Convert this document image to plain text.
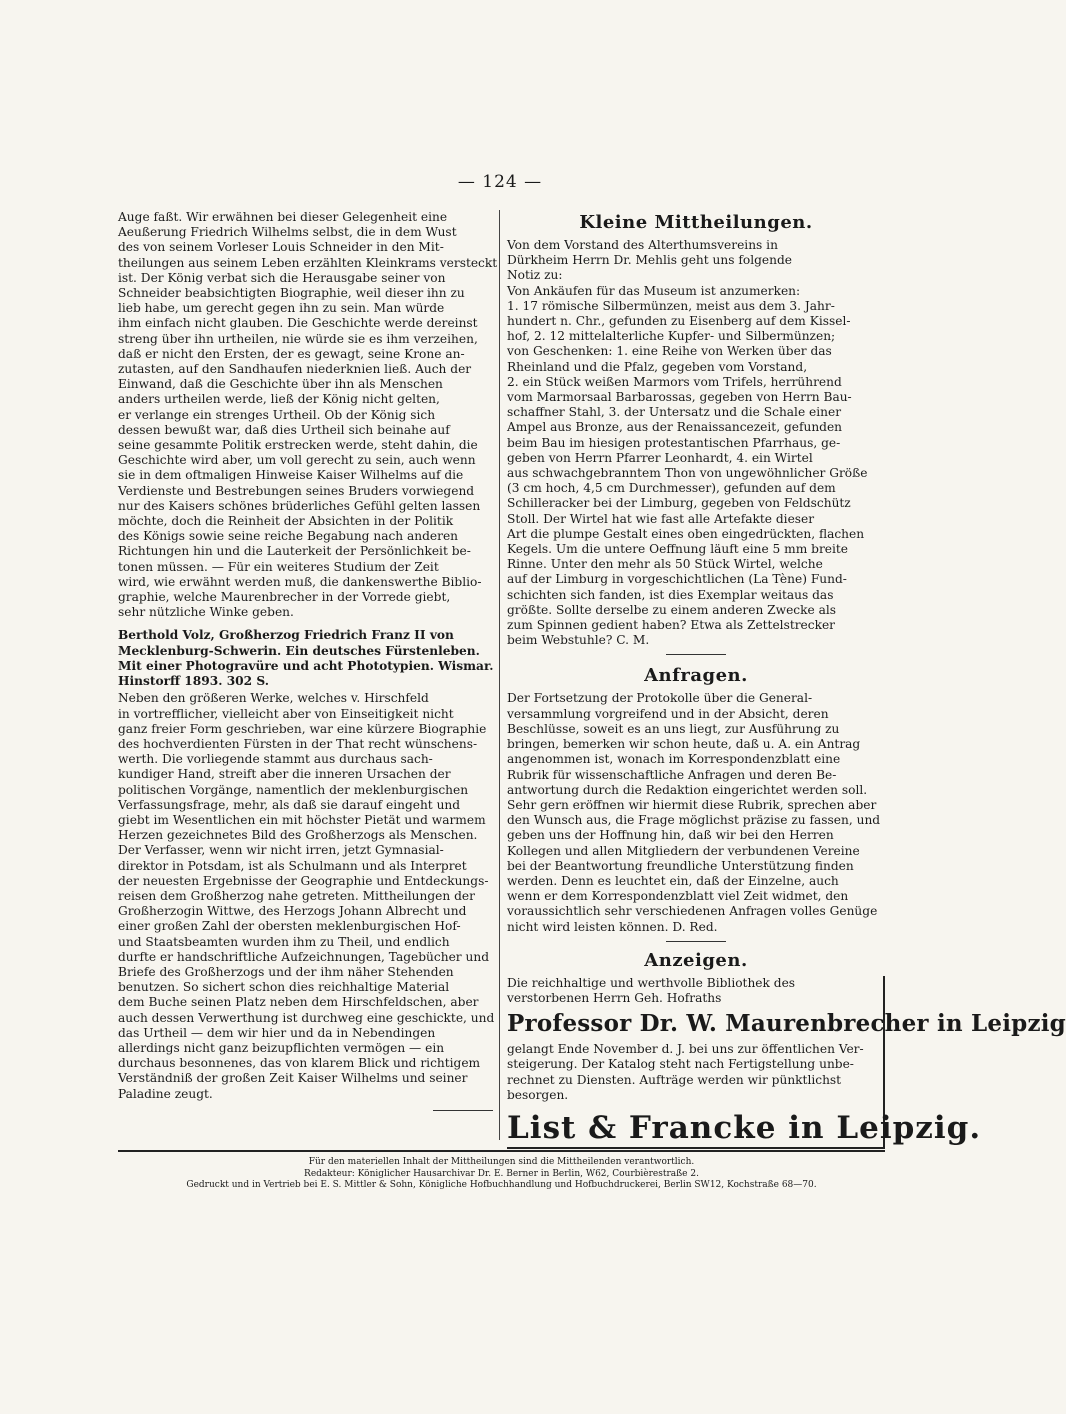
— 124 —
Auge faßt. Wir erwähnen bei dieser Gelegenheit eine
Aeußerung Friedrich Wilhelms selbst, die in dem Wust
des von seinem Vorleser Louis Schneider in den Mit-
theilungen aus seinem Leben erzählten Kleinkrams versteckt
ist. Der König verbat sich die Herausgabe seiner von
Schneider beabsichtigten Biographie, weil dieser ihn zu
lieb habe, um gerecht gegen ihn zu sein. Man würde
ihm einfach nicht glauben. Die Geschichte werde dereinst
streng über ihn urtheilen, nie würde sie es ihm verzeihen,
daß er nicht den Ersten, der es gewagt, seine Krone an-
zutasten, auf den Sandhaufen niederknien ließ. Auch der
Einwand, daß die Geschichte über ihn als Menschen
anders urtheilen werde, ließ der König nicht gelten,
er verlange ein strenges Urtheil. Ob der König sich
dessen bewußt war, daß dies Urtheil sich beinahe auf
seine gesammte Politik erstrecken werde, steht dahin, die
Geschichte wird aber, um voll gerecht zu sein, auch wenn
sie in dem oftmaligen Hinweise Kaiser Wilhelms auf die
Verdienste und Bestrebungen seines Bruders vorwiegend
nur des Kaisers schönes brüderliches Gefühl gelten lassen
möchte, doch die Reinheit der Absichten in der Politik
des Königs sowie seine reiche Begabung nach anderen
Richtungen hin und die Lauterkeit der Persönlichkeit be-
tonen müssen. — Für ein weiteres Studium der Zeit
wird, wie erwähnt werden muß, die dankenswerthe Biblio-
graphie, welche Maurenbrecher in der Vorrede giebt,
sehr nützliche Winke geben.
Berthold Volz, Großherzog Friedrich Franz II von
Mecklenburg-Schwerin. Ein deutsches Fürstenleben.
Mit einer Photogravüre und acht Phototypien. Wismar.
Hinstorff 1893. 302 S.
Neben den größeren Werke, welches v. Hirschfeld
in vortrefflicher, vielleicht aber von Einseitigkeit nicht
ganz freier Form geschrieben, war eine kürzere Biographie
des hochverdienten Fürsten in der That recht wünschens-
werth. Die vorliegende stammt aus durchaus sach-
kundiger Hand, streift aber die inneren Ursachen der
politischen Vorgänge, namentlich der meklenburgischen
Verfassungsfrage, mehr, als daß sie darauf eingeht und
giebt im Wesentlichen ein mit höchster Pietät und warmem
Herzen gezeichnetes Bild des Großherzogs als Menschen.
Der Verfasser, wenn wir nicht irren, jetzt Gymnasial-
direktor in Potsdam, ist als Schulmann und als Interpret
der neuesten Ergebnisse der Geographie und Entdeckungs-
reisen dem Großherzog nahe getreten. Mittheilungen der
Großherzogin Wittwe, des Herzogs Johann Albrecht und
einer großen Zahl der obersten meklenburgischen Hof-
und Staatsbeamten wurden ihm zu Theil, und endlich
durfte er handschriftliche Aufzeichnungen, Tagebücher und
Briefe des Großherzogs und der ihm näher Stehenden
benutzen. So sichert schon dies reichhaltige Material
dem Buche seinen Platz neben dem Hirschfeldschen, aber
auch dessen Verwerthung ist durchweg eine geschickte, und
das Urtheil — dem wir hier und da in Nebendingen
allerdings nicht ganz beizupflichten vermögen — ein
durchaus besonnenes, das von klarem Blick und richtigem
Verständniß der großen Zeit Kaiser Wilhelms und seiner
Paladine zeugt.
Kleine Mittheilungen.
Von dem Vorstand des Alterthumsvereins in
Dürkheim Herrn Dr. Mehlis geht uns folgende
Notiz zu:
Von Ankäufen für das Museum ist anzumerken:
1. 17 römische Silbermünzen, meist aus dem 3. Jahr-
hundert n. Chr., gefunden zu Eisenberg auf dem Kissel-
hof, 2. 12 mittelalterliche Kupfer- und Silbermünzen;
von Geschenken: 1. eine Reihe von Werken über das
Rheinland und die Pfalz, gegeben vom Vorstand,
2. ein Stück weißen Marmors vom Trifels, herrührend
vom Marmorsaal Barbarossas, gegeben von Herrn Bau-
schaffner Stahl, 3. der Untersatz und die Schale einer
Ampel aus Bronze, aus der Renaissancezeit, gefunden
beim Bau im hiesigen protestantischen Pfarrhaus, ge-
geben von Herrn Pfarrer Leonhardt, 4. ein Wirtel
aus schwachgebranntem Thon von ungewöhnlicher Größe
(3 cm hoch, 4,5 cm Durchmesser), gefunden auf dem
Schilleracker bei der Limburg, gegeben von Feldschütz
Stoll. Der Wirtel hat wie fast alle Artefakte dieser
Art die plumpe Gestalt eines oben eingedrückten, flachen
Kegels. Um die untere Oeffnung läuft eine 5 mm breite
Rinne. Unter den mehr als 50 Stück Wirtel, welche
auf der Limburg in vorgeschichtlichen (La Tène) Fund-
schichten sich fanden, ist dies Exemplar weitaus das
größte. Sollte derselbe zu einem anderen Zwecke als
zum Spinnen gedient haben? Etwa als Zettelstrecker
beim Webstuhle? C. M.
Anfragen.
Der Fortsetzung der Protokolle über die General-
versammlung vorgreifend und in der Absicht, deren
Beschlüsse, soweit es an uns liegt, zur Ausführung zu
bringen, bemerken wir schon heute, daß u. A. ein Antrag
angenommen ist, wonach im Korrespondenzblatt eine
Rubrik für wissenschaftliche Anfragen und deren Be-
antwortung durch die Redaktion eingerichtet werden soll.
Sehr gern eröffnen wir hiermit diese Rubrik, sprechen aber
den Wunsch aus, die Frage möglichst präzise zu fassen, und
geben uns der Hoffnung hin, daß wir bei den Herren
Kollegen und allen Mitgliedern der verbundenen Vereine
bei der Beantwortung freundliche Unterstützung finden
werden. Denn es leuchtet ein, daß der Einzelne, auch
wenn er dem Korrespondenzblatt viel Zeit widmet, den
voraussichtlich sehr verschiedenen Anfragen volles Genüge
nicht wird leisten können. D. Red.
Anzeigen.
Die reichhaltige und werthvolle Bibliothek des
verstorbenen Herrn Geh. Hofraths
Professor Dr. W. Maurenbrecher in Leipzig
gelangt Ende November d. J. bei uns zur öffentlichen Ver-
steigerung. Der Katalog steht nach Fertigstellung unbe-
rechnet zu Diensten. Aufträge werden wir pünktlichst
besorgen.
List & Francke in Leipzig.
Für den materiellen Inhalt der Mittheilungen sind die Mittheilenden verantwortlich.
Redakteur: Königlicher Hausarchivar Dr. E. Berner in Berlin, W62, Courbièrestraße 2.
Gedruckt und in Vertrieb bei E. S. Mittler & Sohn, Königliche Hofbuchhandlung und Hofbuchdruckerei, Berlin SW12, Kochstraße 68—70.
